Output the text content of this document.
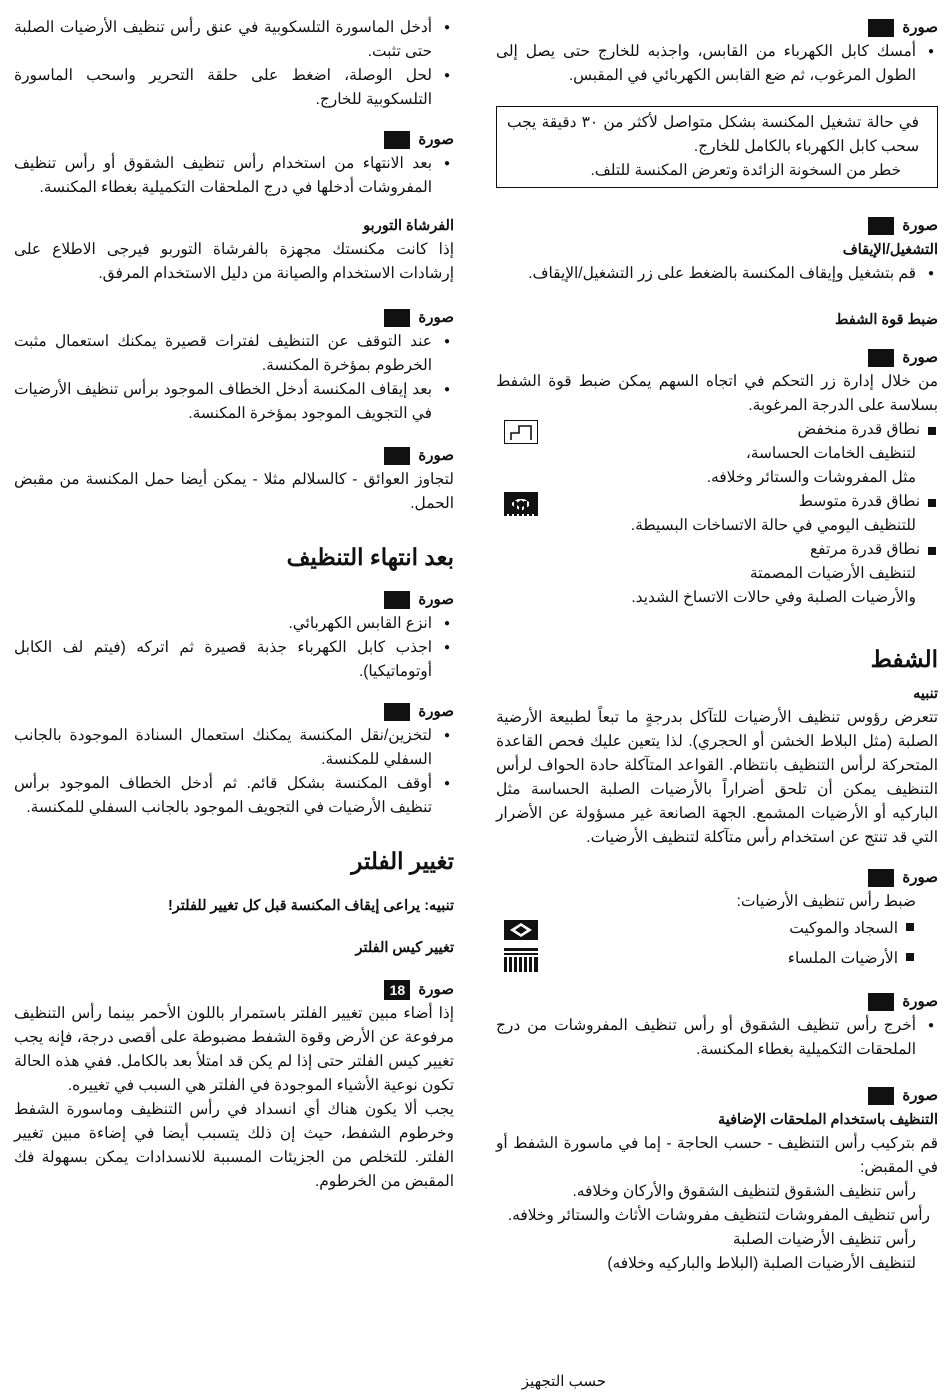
صورة
● أمسك كابل الكهرباء من القابس، واجذبه للخارج حتى يصل إلى الطول المرغوب، ثم ضع القابس الكهربائي في المقبس.

في حالة تشغيل المكنسة بشكل متواصل لأكثر من ٣٠ دقيقة يجب سحب كابل الكهرباء بالكامل للخارج.

خطر من السخونة الزائدة وتعرض المكنسة للتلف.

صورة
التشغيل/الإيقاف
● قم بتشغيل وإيقاف المكنسة بالضغط على زر التشغيل/الإيقاف.
ضبط قوة الشفط
صورة

من خلال إدارة زر التحكم في اتجاه السهم يمكن ضبط قوة الشفط بسلاسة على الدرجة المرغوبة.

نطاق قدرة منخفض

لتنظيف الخامات الحساسة،

مثل المفروشات والستائر وخلافه.

نطاق قدرة متوسط

للتنظيف اليومي في حالة الاتساخات البسيطة.

نطاق قدرة مرتفع

لتنظيف الأرضيات المصمتة

والأرضيات الصلبة وفي حالات الاتساخ الشديد.

الشفط
تنبيه

تتعرض رؤوس تنظيف الأرضيات للتآكل بدرجةٍ ما تبعاً لطبيعة الأرضية الصلبة (مثل البلاط الخشن أو الحجري). لذا يتعين عليك فحص القاعدة المتحركة لرأس التنظيف بانتظام. القواعد المتآكلة حادة الحواف لرأس التنظيف يمكن أن تلحق أضراراً بالأرضيات الصلبة الحساسة مثل الباركيه أو الأرضيات المشمع. الجهة الصانعة غير مسؤولة عن الأضرار التي قد تنتج عن استخدام رأس متآكلة لتنظيف الأرضيات.

صورة

ضبط رأس تنظيف الأرضيات:

السجاد والموكيت
الأرضيات الملساء
صورة
● أخرج رأس تنظيف الشقوق أو رأس تنظيف المفروشات من درج الملحقات التكميلية بغطاء المكنسة.
صورة
التنظيف باستخدام الملحقات الإضافية

قم بتركيب رأس التنظيف - حسب الحاجة - إما في ماسورة الشفط أو في المقبض:

رأس تنظيف الشقوق لتنظيف الشقوق والأركان وخلافه.

رأس تنظيف المفروشات لتنظيف مفروشات الأثاث والستائر وخلافه.

رأس تنظيف الأرضيات الصلبة

لتنظيف الأرضيات الصلبة (البلاط والباركيه وخلافه)

حسب التجهيز
● أدخل الماسورة التلسكوبية في عنق رأس تنظيف الأرضيات الصلبة حتى تثبت.
● لحل الوصلة، اضغط على حلقة التحرير واسحب الماسورة التلسكوبية للخارج.
صورة
● بعد الانتهاء من استخدام رأس تنظيف الشقوق أو رأس تنظيف المفروشات أدخلها في درج الملحقات التكميلية بغطاء المكنسة.
الفرشاة التوربو

إذا كانت مكنستك مجهزة بالفرشاة التوربو فيرجى الاطلاع على إرشادات الاستخدام والصيانة من دليل الاستخدام المرفق.

صورة
● عند التوقف عن التنظيف لفترات قصيرة يمكنك استعمال مثبت الخرطوم بمؤخرة المكنسة.
● بعد إيقاف المكنسة أدخل الخطاف الموجود برأس تنظيف الأرضيات في التجويف الموجود بمؤخرة المكنسة.
صورة

لتجاوز العوائق - كالسلالم مثلا - يمكن أيضا حمل المكنسة من مقبض الحمل.

بعد انتهاء التنظيف
صورة
● انزع القابس الكهربائي.
● اجذب كابل الكهرباء جذبة قصيرة ثم اتركه (فيتم لف الكابل أوتوماتيكيا).
صورة
● لتخزين/نقل المكنسة يمكنك استعمال السنادة الموجودة بالجانب السفلي للمكنسة.
● أوقف المكنسة بشكل قائم. ثم أدخل الخطاف الموجود برأس تنظيف الأرضيات في التجويف الموجود بالجانب السفلي للمكنسة.
تغيير الفلتر
تنبيه: يراعى إيقاف المكنسة قبل كل تغيير للفلتر!
تغيير كيس الفلتر
صورة
18

إذا أضاء مبين تغيير الفلتر باستمرار باللون الأحمر بينما رأس التنظيف مرفوعة عن الأرض وقوة الشفط مضبوطة على أقصى درجة، فإنه يجب تغيير كيس الفلتر حتى إذا لم يكن قد امتلأ بعد بالكامل. ففي هذه الحالة تكون نوعية الأشياء الموجودة في الفلتر هي السبب في تغييره.

يجب ألا يكون هناك أي انسداد في رأس التنظيف وماسورة الشفط وخرطوم الشفط، حيث إن ذلك يتسبب أيضا في إضاءة مبين تغيير الفلتر. للتخلص من الجزيئات المسببة للانسدادات يمكن بسهولة فك المقبض من الخرطوم.
